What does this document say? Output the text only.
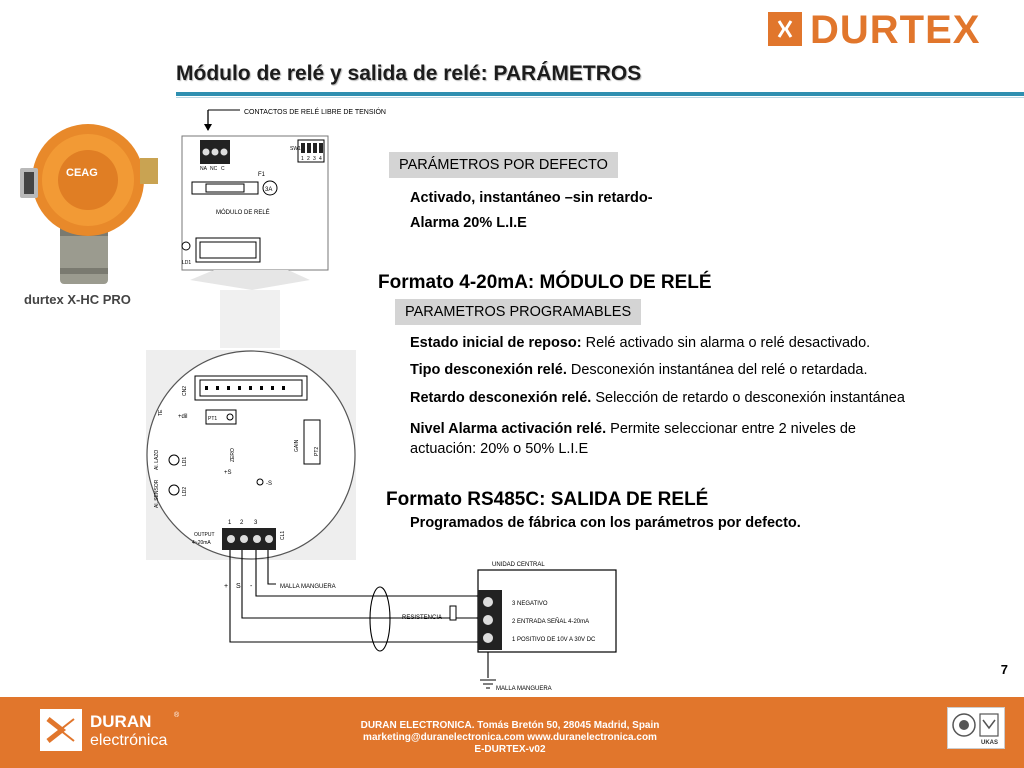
Módulo de relé y salida de relé: PARÁMETROS
DURTEX
CEAG
durtex X-HC PRO
CONTACTOS DE RELÉ LIBRE DE TENSIÓN
NA NC C
SW1
1 2 3 4
F1
3A
MÓDULO DE RELÉ
LD1
CN2
TE
+dil	PT1
ZERO
GAIN	PT2
Al. LAZO	LD1
+S
-S
Al. SENSOR	LD2
OUTPUT
4~20mA
1 2 3
CL1
+ S -	MALLA MANGUERA
RESISTENCIA
UNIDAD CENTRAL
3 NEGATIVO
2 ENTRADA SEÑAL 4-20mA
1 POSITIVO DE 10V A 30V DC
MALLA MANGUERA
PARÁMETROS POR DEFECTO
Activado, instantáneo –sin retardo-
Alarma 20% L.I.E
Formato 4-20mA: MÓDULO DE RELÉ
PARAMETROS PROGRAMABLES
Estado inicial de reposo: Relé activado sin alarma o relé desactivado.
Tipo desconexión relé. Desconexión instantánea del relé o retardada.
Retardo desconexión relé. Selección de retardo o desconexión instantánea
Nivel Alarma activación relé. Permite seleccionar entre 2 niveles de
actuación: 20% o 50% L.I.E
Formato RS485C: SALIDA DE RELÉ
Programados de fábrica con los parámetros por defecto.
7
DURAN
electrónica
®
DURAN ELECTRONICA. Tomás Bretón 50, 28045 Madrid, Spain
marketing@duranelectronica.com www.duranelectronica.com
E-DURTEX-v02
UKAS
